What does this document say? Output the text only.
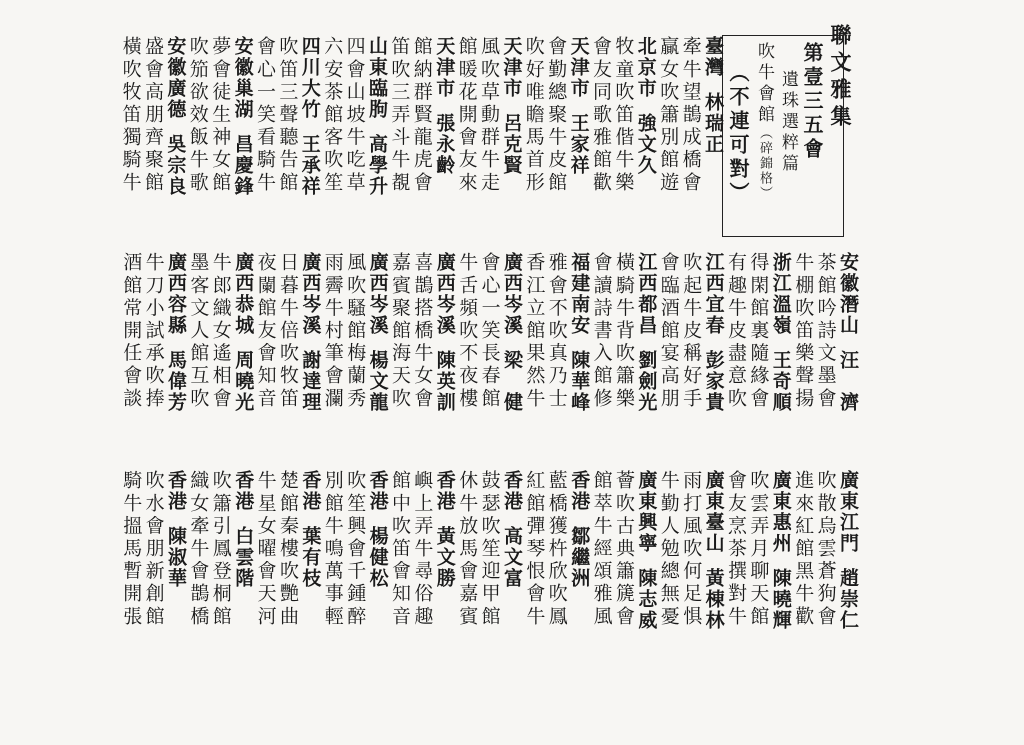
聯文雅集
第壹三五會
遺珠選粹篇
吹牛會館（碎錦格）
（不連可對）
臺灣林瑞正
牽牛望鵲成橋會
贏女吹簫別館遊
北京市強文久
牧童吹笛偕牛樂
會友同歌雅館歡
天津市王家祥
會勤總聚牛皮館
吹好唯瞻馬首形
天津市呂克賢
風吹草動群牛走
館暖花開會友來
天津市張永齡
館納群賢龍虎會
笛吹三弄斗牛覩
山東臨朐高學升
四會山坡牛吃草
六安茶館客吹笙
四川大竹王承祥
吹笛三聲聽告館
會心一笑看騎牛
安徽巢湖昌慶鋒
夢會徒生神女館
吹笳欲效飯牛歌
安徽廣德吳宗良
盛會高朋齊聚館
橫吹牧笛獨騎牛
安徽潛山汪　濟
茶館吟詩文墨會
牛棚吹笛樂聲揚
浙江溫嶺王奇順
得閑館裏隨緣會
有趣牛皮盡意吹
江西宜春彭家貴
吹起牛皮稱好手
會臨酒館宴高朋
江西都昌劉劍光
橫騎牛背吹簫樂
會讀詩書入館修
福建南安陳華峰
雅會不吹真乃士
香江立館果然牛
廣西岑溪梁　健
會心一笑長春館
牛舌頻吹不夜樓
廣西岑溪陳英訓
喜鵲搭橋牛女會
嘉賓聚館海天吹
廣西岑溪楊文龍
風吹騷館梅蘭秀
雨霽牛村筆會瀾
廣西岑溪謝達理
日暮牛倍吹牧笛
夜闌館友會知音
廣西恭城周曉光
牛郎織女遙相會
墨客文人館互吹
廣西容縣馬偉芳
牛刀小試承吹捧
酒館常開任會談
廣東江門趙崇仁
吹散烏雲蒼狗會
進來紅館黑牛歡
廣東惠州陳曉輝
吹雲弄月聊天館
會友烹茶撰對牛
廣東臺山黃棟林
雨打風吹何足惧
牛勤人勉總無憂
廣東興寧陳志威
薈吹古典簫篪會
館萃牛經頌雅風
香港鄒繼洲
藍橋獲杵欣吹鳳
紅館彈琴恨會牛
香港高文富
鼓瑟吹笙迎甲館
休牛放馬會嘉賓
香港黃文勝
嶼上弄牛尋俗趣
館中吹笛會知音
香港楊健松
吹笙興會千鍾醉
別館牛鳴萬事輕
香港葉有枝
楚館秦樓吹艷曲
牛星女曜會天河
香港白雲階
吹簫引鳳登桐館
織女牽牛會鵲橋
香港陳淑華
吹水會朋新創館
騎牛搵馬暫開張
